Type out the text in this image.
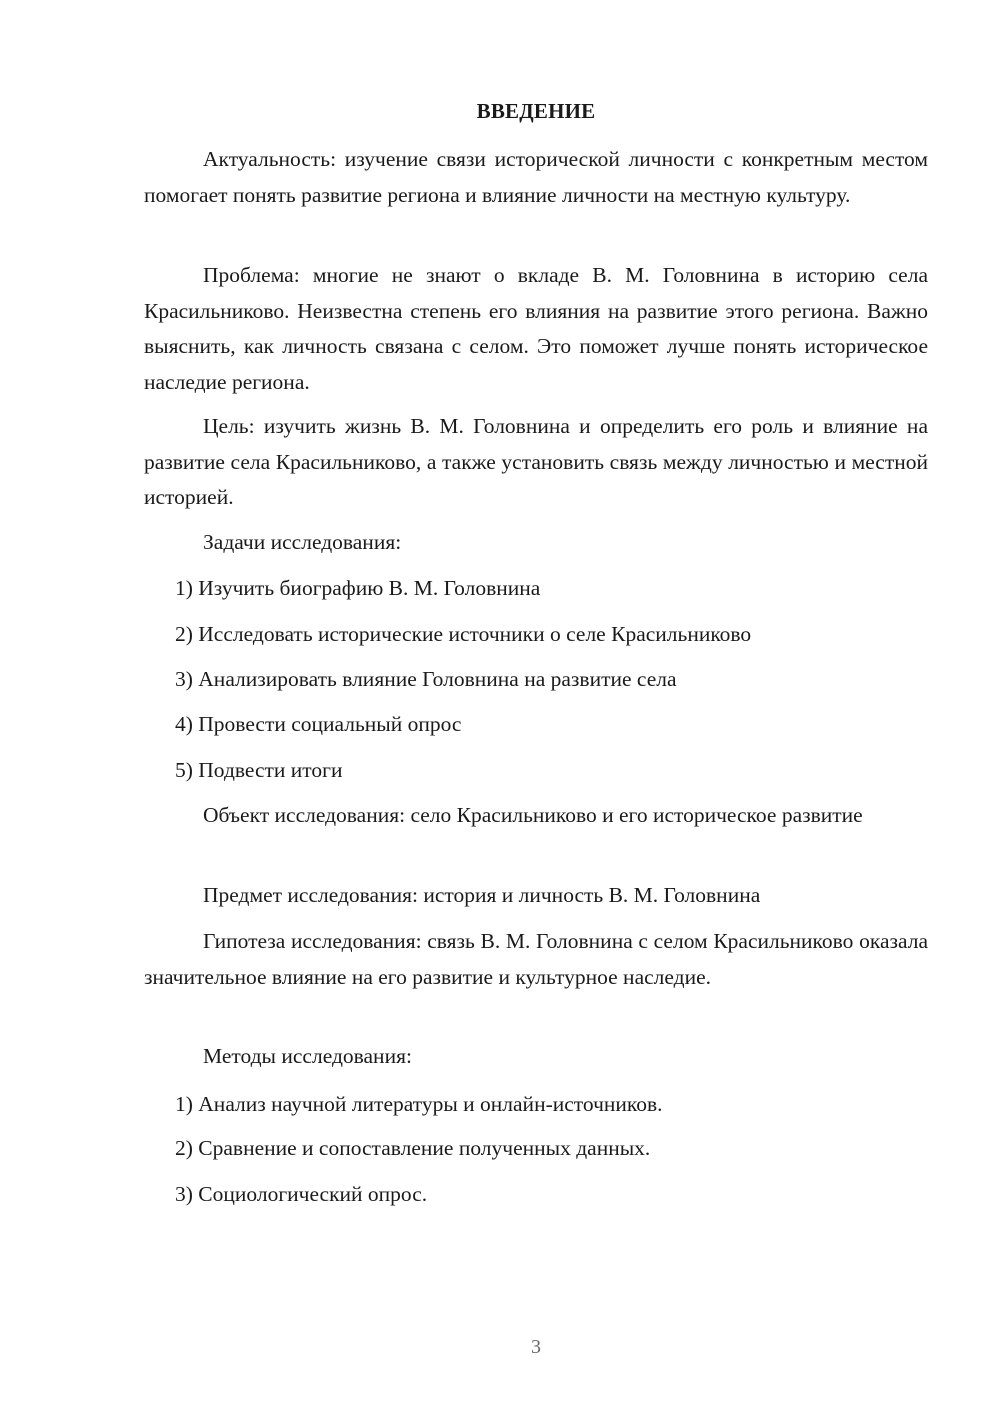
ВВЕДЕНИЕ

Актуальность: изучение связи исторической личности с конкретным местом помогает понять развитие региона и влияние личности на местную культуру.

Проблема: многие не знают о вкладе В. М. Головнина в историю села Красильниково. Неизвестна степень его влияния на развитие этого региона. Важно выяснить, как личность связана с селом. Это поможет лучше понять историческое наследие региона.

Цель: изучить жизнь В. М. Головнина и определить его роль и влияние на развитие села Красильниково, а также установить связь между личностью и местной историей.

Задачи исследования:

1) Изучить биографию В. М. Головнина

2) Исследовать исторические источники о селе Красильниково

3) Анализировать влияние Головнина на развитие села

4) Провести социальный опрос

5) Подвести итоги

Объект исследования: село Красильниково и его историческое развитие

Предмет исследования: история и личность В. М. Головнина

Гипотеза исследования: связь В. М. Головнина с селом Красильниково оказала значительное влияние на его развитие и культурное наследие.

Методы исследования:

1) Анализ научной литературы и онлайн-источников.

2) Сравнение и сопоставление полученных данных.

3) Социологический опрос.

3
